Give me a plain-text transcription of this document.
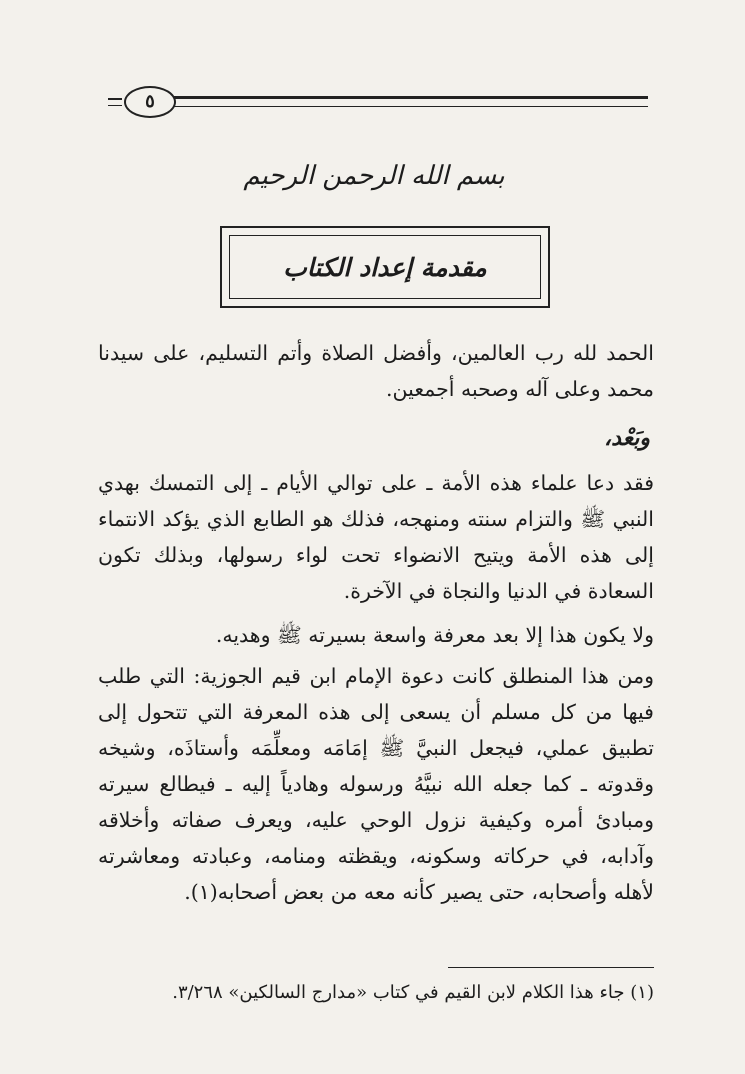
٥
بسم الله الرحمن الرحيم
مقدمة إعداد الكتاب
الحمد لله رب العالمين، وأفضل الصلاة وأتم التسليم، على سيدنا محمد وعلى آله وصحبه أجمعين.
وبَعْد،
فقد دعا علماء هذه الأمة ـ على توالي الأيام ـ إلى التمسك بهدي النبي ﷺ والتزام سنته ومنهجه، فذلك هو الطابع الذي يؤكد الانتماء إلى هذه الأمة ويتيح الانضواء تحت لواء رسولها، وبذلك تكون السعادة في الدنيا والنجاة في الآخرة.
ولا يكون هذا إلا بعد معرفة واسعة بسيرته ﷺ وهديه.
ومن هذا المنطلق كانت دعوة الإمام ابن قيم الجوزية: التي طلب فيها من كل مسلم أن يسعى إلى هذه المعرفة التي تتحول إلى تطبيق عملي، فيجعل النبيَّ ﷺ إمَامَه ومعلِّمَه وأستاذَه، وشيخه وقدوته ـ كما جعله الله نبيَّهُ ورسوله وهادياً إليه ـ فيطالع سيرته ومبادئ أمره وكيفية نزول الوحي عليه، ويعرف صفاته وأخلاقه وآدابه، في حركاته وسكونه، ويقظته ومنامه، وعبادته ومعاشرته لأهله وأصحابه، حتى يصير كأنه معه من بعض أصحابه(١).
(١) جاء هذا الكلام لابن القيم في كتاب «مدارج السالكين» ٣/٢٦٨.
